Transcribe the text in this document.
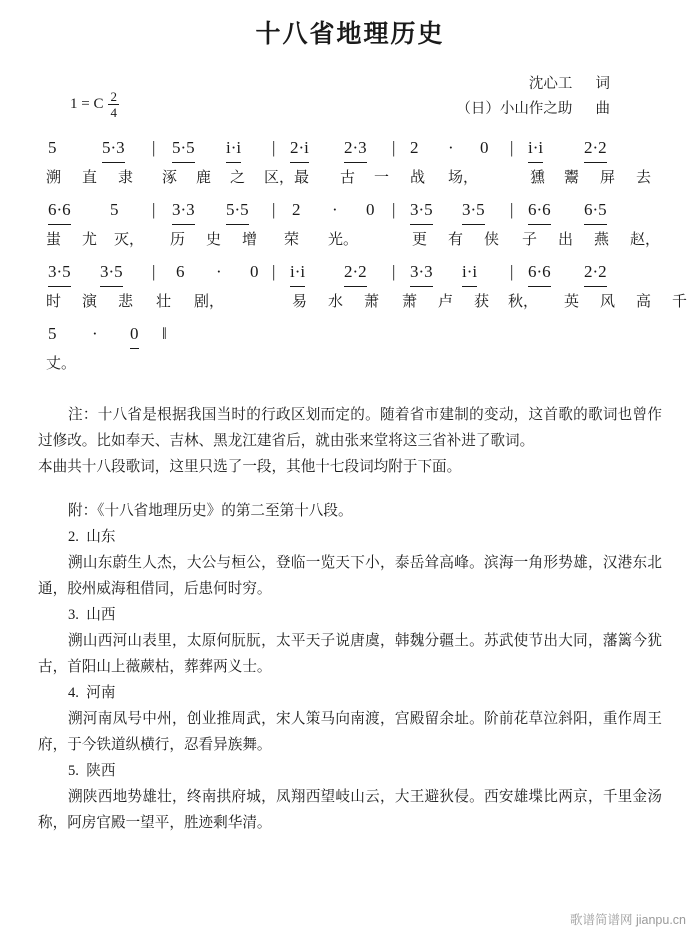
十八省地理历史
1 = C $\frac{2}{4}$
沈心工 词
（日）小山作之助 曲
5	5·3 | 5·5 i·i | 2·i 2·3 | 2 · 0 | i·i 2·2

溯 直 隶 涿 鹿 之 区，最 古 一 战 场，	獯 鬻 屏 去
6·6 5 | 3·3 5·5 | 2 · 0 | 3·5 3·5 | 6·6 6·5

蚩 尤 灭， 历 史 增 荣 光。	更 有 侠 子 出 燕 赵，
3·5 3·5 | 6 · 0 | i·i 2·2 | 3·3 i·i | 6·6 2·2

时 演 悲 壮 剧，	易 水 萧 萧 卢 获 秋， 英 风 高 千
5 · 0 ‖
丈。

注：十八省是根据我国当时的行政区划而定的。随着省市建制的变动，这首歌的歌词也曾作过修改。比如奉天、吉林、黑龙江建省后，就由张来堂将这三省补进了歌词。

本曲共十八段歌词，这里只选了一段，其他十七段词均附于下面。

附：《十八省地理历史》的第二至第十八段。

2. 山东

溯山东蔚生人杰，大公与桓公，登临一览天下小，泰岳耸高峰。滨海一角形势雄，汉港东北通，胶州威海租借同，后患何时穷。

3. 山西

溯山西河山表里，太原何朊朊，太平天子说唐虞，韩魏分疆土。苏武使节出大同，藩篱今犹古，首阳山上薇蕨枯，葬葬两义士。

4. 河南

溯河南凤号中州，创业推周武，宋人策马向南渡，宫殿留余址。阶前花草泣斜阳，重作周王府，于今铁道纵横行，忍看异族舞。

5. 陕西

溯陕西地势雄壮，终南拱府城，凤翔西望岐山云，大王避狄侵。西安雄堞比两京，千里金汤称，阿房官殿一望平，胜迹剩华清。

歌谱简谱网 jianpu.cn
